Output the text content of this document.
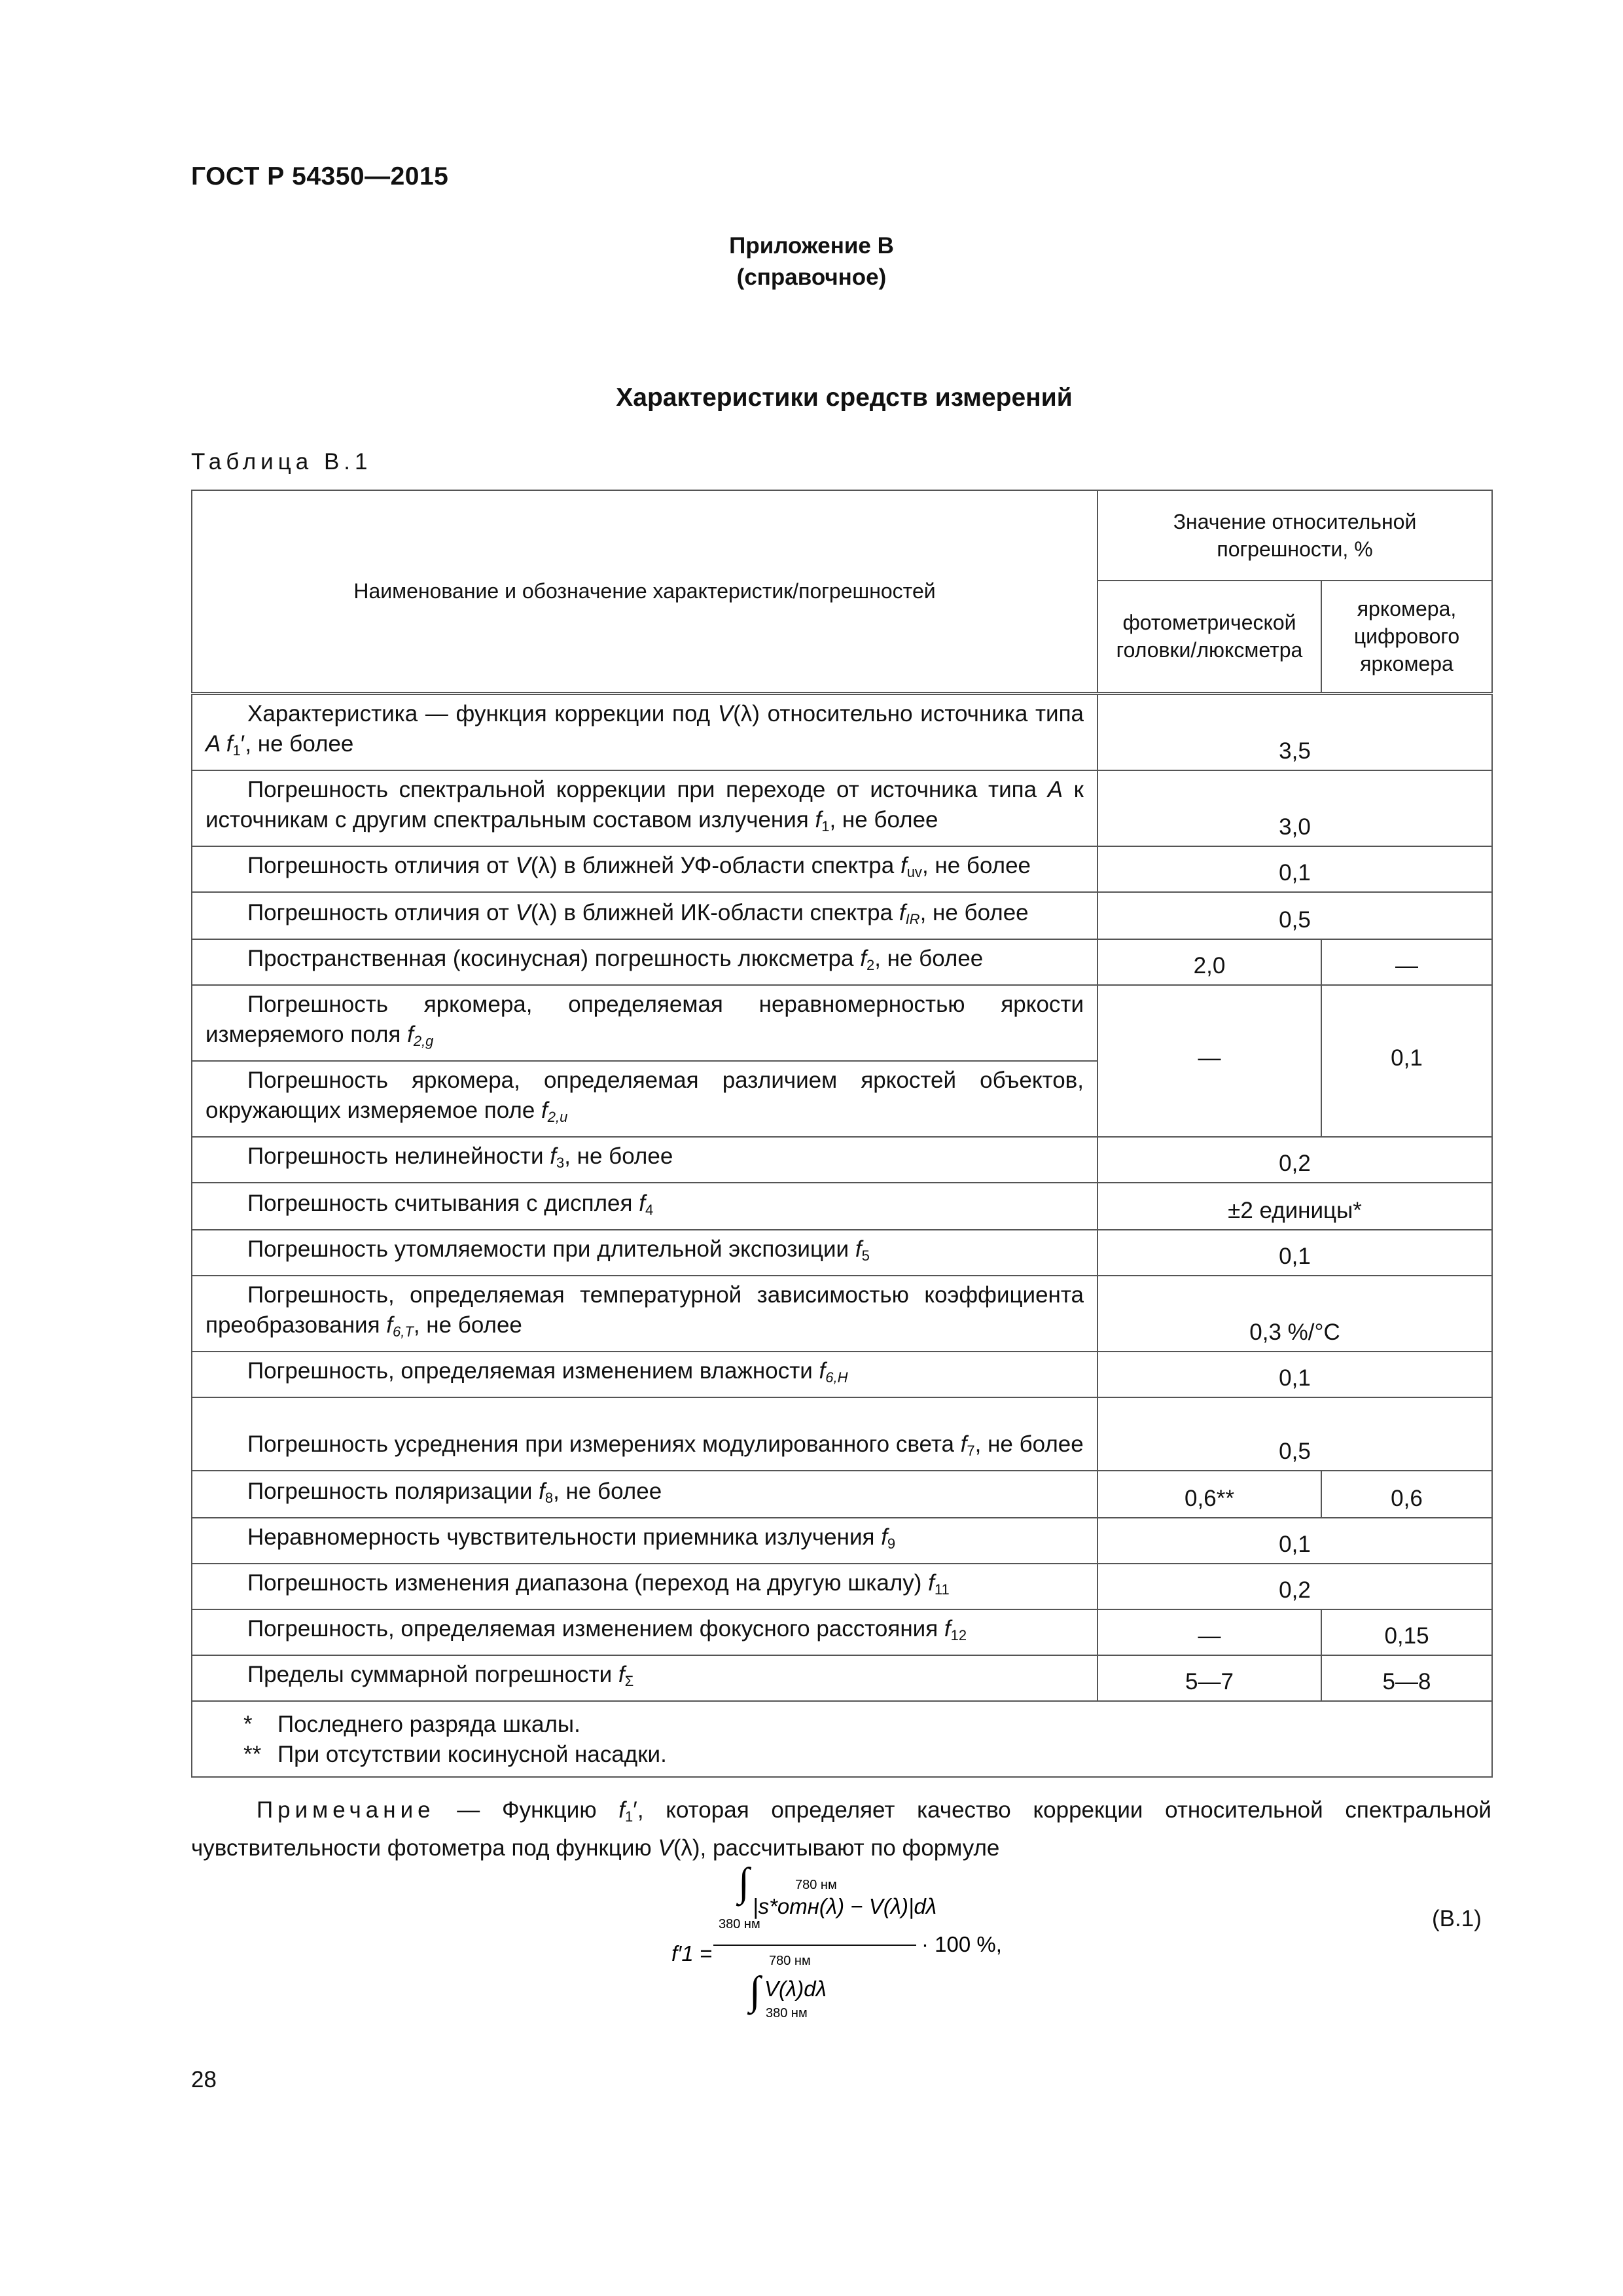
ГОСТ Р 54350—2015
Приложение В
(справочное)
Характеристики средств измерений
Таблица В.1
Наименование и обозначение характеристик/погрешностей	Значение относительной погрешности, %	
	фотометрической головки/люксметра	яркомера, цифрового яркомера
Характеристика — функция коррекции под V(λ) относительно источника типа A $f_1'$, не более	3,5	
Погрешность спектральной коррекции при переходе от источника типа A к источникам с другим спектральным составом излучения $f_1$, не более	3,0	
Погрешность отличия от V(λ) в ближней УФ-области спектра $f_{uv}$, не более	0,1	
Погрешность отличия от V(λ) в ближней ИК-области спектра $f_{IR}$, не более	0,5	
Пространственная (косинусная) погрешность люксметра $f_2$, не более	2,0	—
Погрешность яркомера, определяемая неравномерностью яркости измеряемого поля $f_{2,g}$	—	0,1
Погрешность яркомера, определяемая различием яркостей объектов, окружающих измеряемое поле $f_{2,u}$
Погрешность нелинейности $f_3$, не более	0,2	
Погрешность считывания с дисплея $f_4$	±2 единицы*	
Погрешность утомляемости при длительной экспозиции $f_5$	0,1	
Погрешность, определяемая температурной зависимостью коэффициента преобразования $f_{6,T}$, не более	0,3 %/°С	
Погрешность, определяемая изменением влажности $f_{6,H}$	0,1	
Погрешность усреднения при измерениях модулированного света $f_7$, не более	0,5	
Погрешность поляризации $f_8$, не более	0,6**	0,6
Неравномерность чувствительности приемника излучения $f_9$	0,1	
Погрешность изменения диапазона (переход на другую шкалу) $f_{11}$	0,2	
Погрешность, определяемая изменением фокусного расстояния $f_{12}$	—	0,15
Пределы суммарной погрешности $f_\Sigma$	5—7	5—8

* Последнего разряда шкалы.
** При отсутствии косинусной насадки.		
Примечание — Функцию $f_1'$, которая определяет качество коррекции относительной спектральной чувствительности фотометра под функцию V(λ), рассчитывают по формуле
780 нм
∫
|s*отн(λ) − V(λ)|dλ
380 нм
f′1 =	· 100 %,
780 нм
∫ V(λ)dλ
380 нм
(В.1)
28
